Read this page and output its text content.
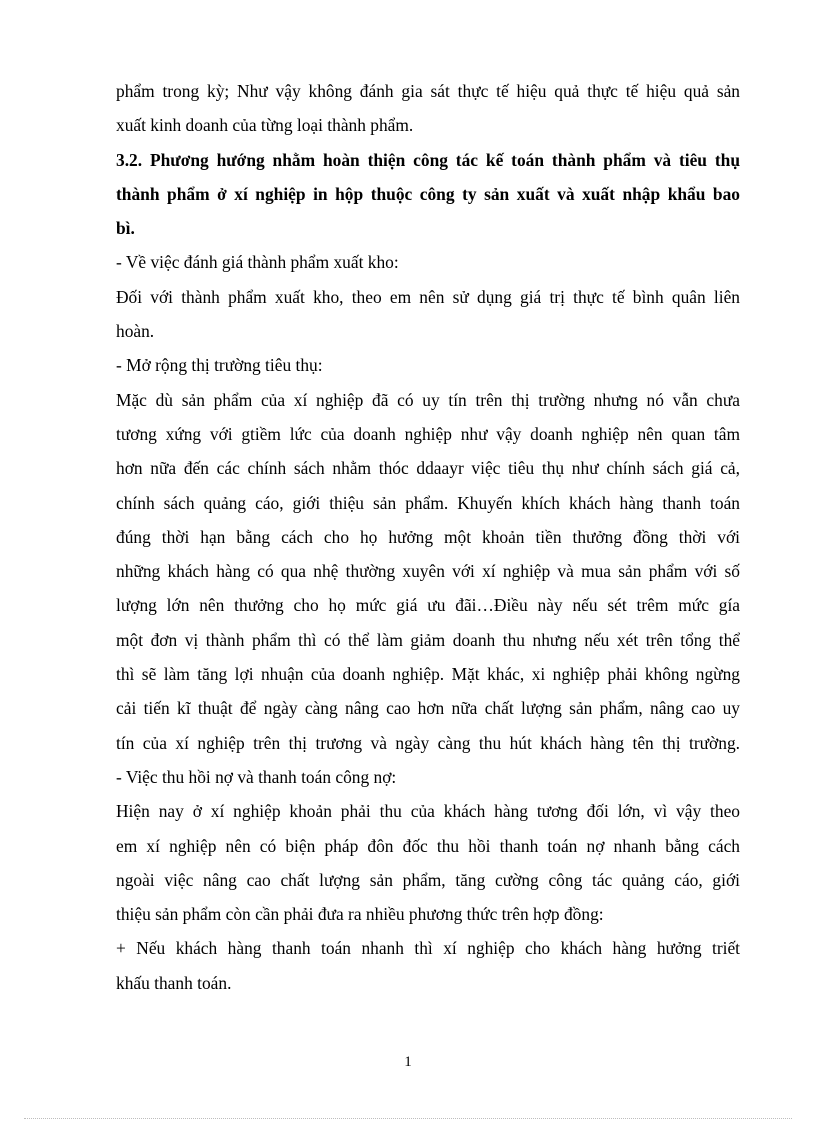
phẩm trong kỳ; Như vậy không đánh gia sát thực tế hiệu quả thực tế hiệu quả sản
xuất kinh doanh của từng loại thành phẩm.
3.2. Phương hướng nhằm hoàn thiện công tác kế toán thành phẩm và tiêu thụ
thành phẩm ở xí nghiệp in hộp thuộc công ty sản xuất và xuất nhập khẩu bao
bì.
- Về việc đánh giá thành phẩm xuất kho:
Đối với thành phẩm xuất kho, theo em nên sử dụng giá trị thực tế bình quân liên
hoàn.
- Mở rộng thị trường tiêu thụ:
Mặc dù sản phẩm của xí nghiệp đã có uy tín trên thị trường nhưng nó vẫn chưa
tương xứng với gtiềm lức của doanh nghiệp như vậy doanh nghiệp nên quan tâm
hơn nữa đến các chính sách nhằm thóc ddaayr việc tiêu thụ như chính sách giá cả,
chính sách quảng cáo, giới thiệu sản phẩm. Khuyến khích khách hàng thanh toán
đúng thời hạn bằng cách cho họ hưởng một khoản tiền thưởng đồng thời với
những khách hàng có qua nhệ thường xuyên với xí nghiệp và mua sản phẩm với số
lượng lớn nên thưởng cho họ mức giá ưu đãi…Điều này nếu sét trêm mức gía
một đơn vị thành phẩm thì có thể làm giảm doanh thu nhưng nếu xét trên tổng thể
thì sẽ làm tăng lợi nhuận của doanh nghiệp. Mặt khác, xi nghiệp phải không ngừng
cải tiến kĩ thuật để ngày càng nâng cao hơn nữa chất lượng sản phẩm, nâng cao uy
tín của xí nghiệp trên thị trương và ngày càng thu hút khách hàng tên thị trường.
- Việc thu hồi nợ và thanh toán công nợ:
Hiện nay ở xí nghiệp khoản phải thu của khách hàng tương đối lớn, vì vậy theo
em xí nghiệp nên có biện pháp đôn đốc thu hồi thanh toán nợ nhanh bằng cách
ngoài việc nâng cao chất lượng sản phẩm, tăng cường công tác quảng cáo, giới
thiệu sản phẩm còn cần phải đưa ra nhiều phương thức trên hợp đồng:
+ Nếu khách hàng thanh toán nhanh thì xí nghiệp cho khách hàng hưởng triết
khấu thanh toán.
1
